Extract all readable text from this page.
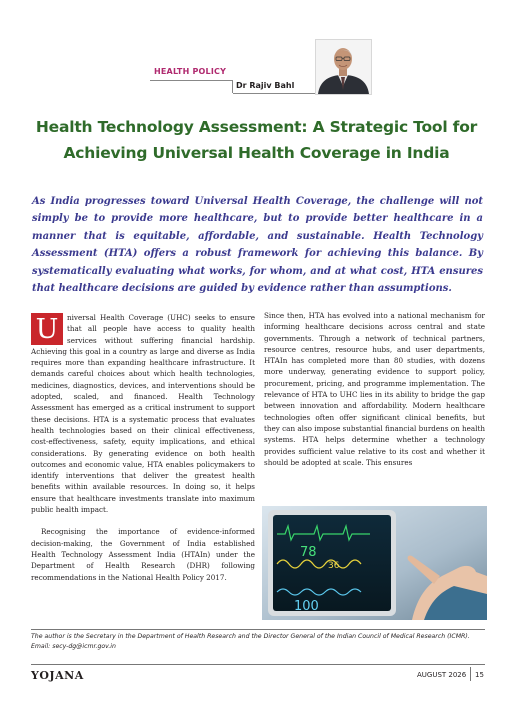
HEALTH POLICY
Dr Rajiv Bahl
Health Technology Assessment: A Strategic Tool for
Achieving Universal Health Coverage in India
As India progresses toward Universal Health Coverage, the challenge will not simply be to provide more healthcare, but to provide better healthcare in a manner that is equitable, affordable, and sustainable. Health Technology Assessment (HTA) offers a robust framework for achieving this balance. By systematically evaluating what works, for whom, and at what cost, HTA ensures that healthcare decisions are guided by evidence rather than assumptions.

U	niversal Health Coverage (UHC) seeks to ensure that all people have access to quality health services without suffering financial hardship. Achieving this goal in a country as large and diverse as India requires more than expanding healthcare infrastructure. It demands careful choices about which health technologies, medicines, diagnostics, devices, and interventions should be adopted, scaled, and financed. Health Technology Assessment has emerged as a critical instrument to support these decisions. HTA is a systematic process that evaluates health technologies based on their clinical effectiveness, cost-effectiveness, safety, equity implications, and ethical considerations. By generating evidence on both health outcomes and economic value, HTA enables policymakers to identify interventions that deliver the greatest health benefits within available resources. In doing so, it helps ensure that healthcare investments translate into maximum public health impact.

Recognising the importance of evidence-informed decision-making, the Government of India established Health Technology Assessment India (HTAIn) under the Department of Health Research (DHR) following recommendations in the National Health Policy 2017.

Since then, HTA has evolved into a national mechanism for informing healthcare decisions across central and state governments. Through a network of technical partners, resource centres, resource hubs, and user departments, HTAIn has completed more than 80 studies, with dozens more underway, generating evidence to support policy, procurement, pricing, and programme implementation. The relevance of HTA to UHC lies in its ability to bridge the gap between innovation and affordability. Modern healthcare technologies often offer significant clinical benefits, but they can also impose substantial financial burdens on health systems. HTA helps determine whether a technology provides sufficient value relative to its cost and whether it should be adopted at scale. This ensures

78
36
100
The author is the Secretary in the Department of Health Research and the Director General of the Indian Council of Medical Research (ICMR).
Email: secy-dg@icmr.gov.in
YOJANA	AUGUST 2026 15
